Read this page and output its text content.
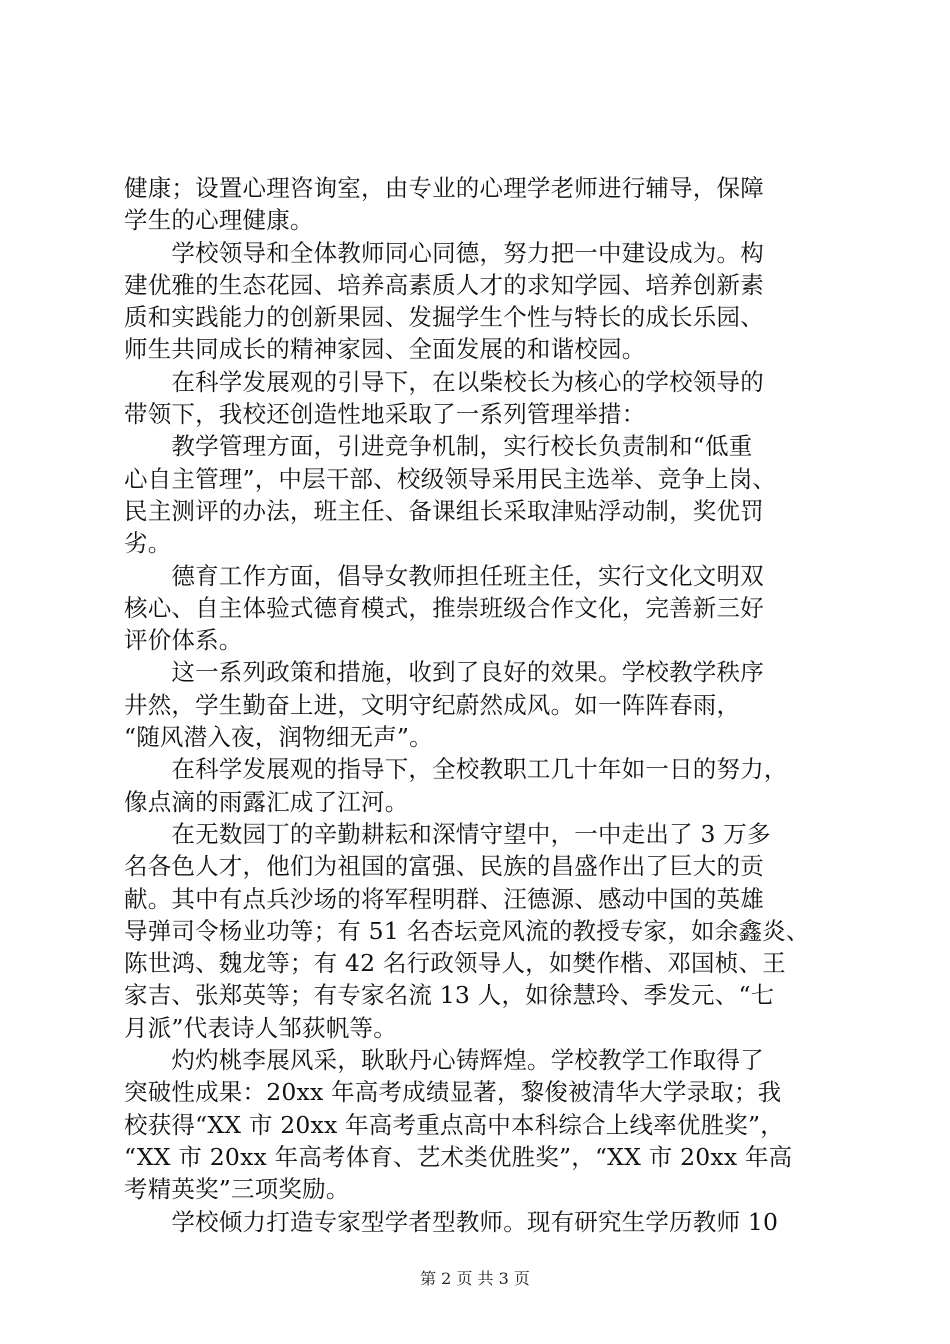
健康；设置心理咨询室，由专业的心理学老师进行辅导，保障
学生的心理健康。
　　学校领导和全体教师同心同德，努力把一中建设成为。构
建优雅的生态花园、培养高素质人才的求知学园、培养创新素
质和实践能力的创新果园、发掘学生个性与特长的成长乐园、
师生共同成长的精神家园、全面发展的和谐校园。
　　在科学发展观的引导下，在以柴校长为核心的学校领导的
带领下，我校还创造性地采取了一系列管理举措：
　　教学管理方面，引进竞争机制，实行校长负责制和“低重
心自主管理”，中层干部、校级领导采用民主选举、竞争上岗、
民主测评的办法，班主任、备课组长采取津贴浮动制，奖优罚
劣。
　　德育工作方面，倡导女教师担任班主任，实行文化文明双
核心、自主体验式德育模式，推崇班级合作文化，完善新三好
评价体系。
　　这一系列政策和措施，收到了良好的效果。学校教学秩序
井然，学生勤奋上进，文明守纪蔚然成风。如一阵阵春雨，
“随风潜入夜，润物细无声”。
　　在科学发展观的指导下，全校教职工几十年如一日的努力，
像点滴的雨露汇成了江河。
　　在无数园丁的辛勤耕耘和深情守望中，一中走出了 3 万多
名各色人才，他们为祖国的富强、民族的昌盛作出了巨大的贡
献。其中有点兵沙场的将军程明群、汪德源、感动中国的英雄
导弹司令杨业功等；有 51 名杏坛竞风流的教授专家，如余鑫炎、
陈世鸿、魏龙等；有 42 名行政领导人，如樊作楷、邓国桢、王
家吉、张郑英等；有专家名流 13 人，如徐慧玲、季发元、“七
月派”代表诗人邹荻帆等。
　　灼灼桃李展风采，耿耿丹心铸辉煌。学校教学工作取得了
突破性成果：20xx 年高考成绩显著，黎俊被清华大学录取；我
校获得“XX 市 20xx 年高考重点高中本科综合上线率优胜奖”，
“XX 市 20xx 年高考体育、艺术类优胜奖”，“XX 市 20xx 年高
考精英奖”三项奖励。
　　学校倾力打造专家型学者型教师。现有研究生学历教师 10
第 2 页 共 3 页
